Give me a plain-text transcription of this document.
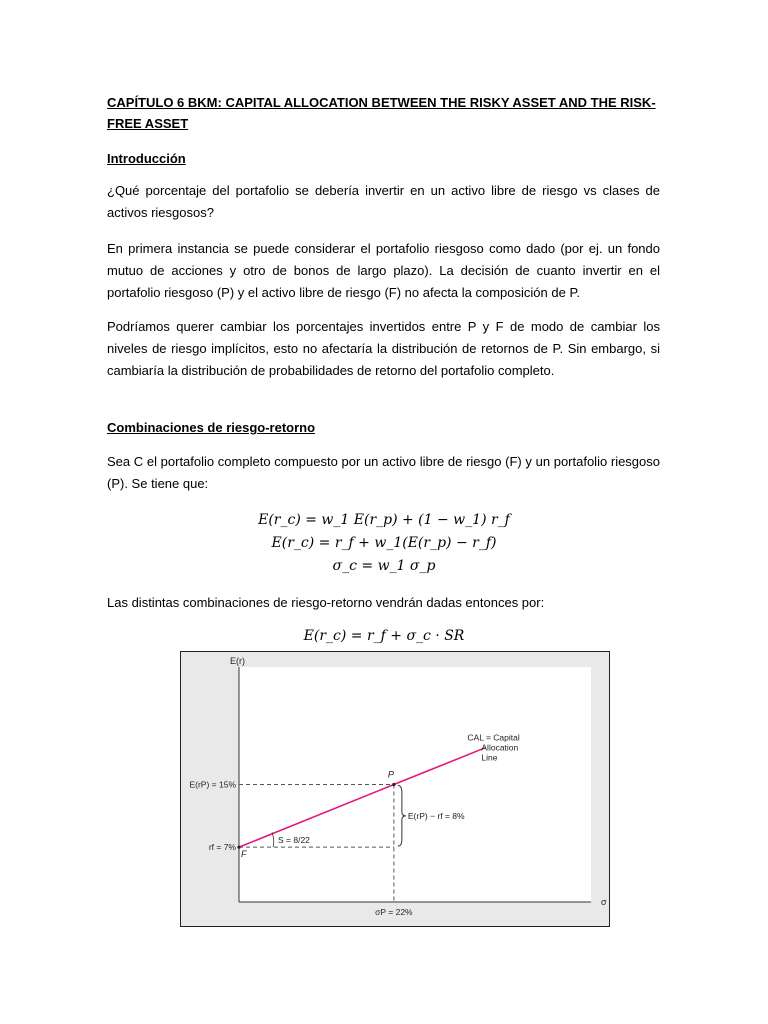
CAPÍTULO 6 BKM: CAPITAL ALLOCATION BETWEEN THE RISKY ASSET AND THE RISK-FREE ASSET
Introducción
¿Qué porcentaje del portafolio se debería invertir en un activo libre de riesgo vs clases de activos riesgosos?
En primera instancia se puede considerar el portafolio riesgoso como dado (por ej. un fondo mutuo de acciones y otro de bonos de largo plazo). La decisión de cuanto invertir en el portafolio riesgoso (P) y el activo libre de riesgo (F) no afecta la composición de P.
Podríamos querer cambiar los porcentajes invertidos entre P y F de modo de cambiar los niveles de riesgo implícitos, esto no afectaría la distribución de retornos de P. Sin embargo, si cambiaría la distribución de probabilidades de retorno del portafolio completo.
Combinaciones de riesgo-retorno
Sea C el portafolio completo compuesto por un activo libre de riesgo (F) y un portafolio riesgoso (P). Se tiene que:
E(r_c) = w_1 E(r_p) + (1 − w_1) r_f
E(r_c) = r_f + w_1(E(r_p) − r_f)
σ_c = w_1 σ_p
Las distintas combinaciones de riesgo-retorno vendrán dadas entonces por:
E(r_c) = r_f + σ_c · SR
E(r)
σ
F
P
E(rP) = 15%
rf = 7%
σP = 22%
E(rP) − rf = 8%
S = 8/22
CAL = Capital Allocation Line
